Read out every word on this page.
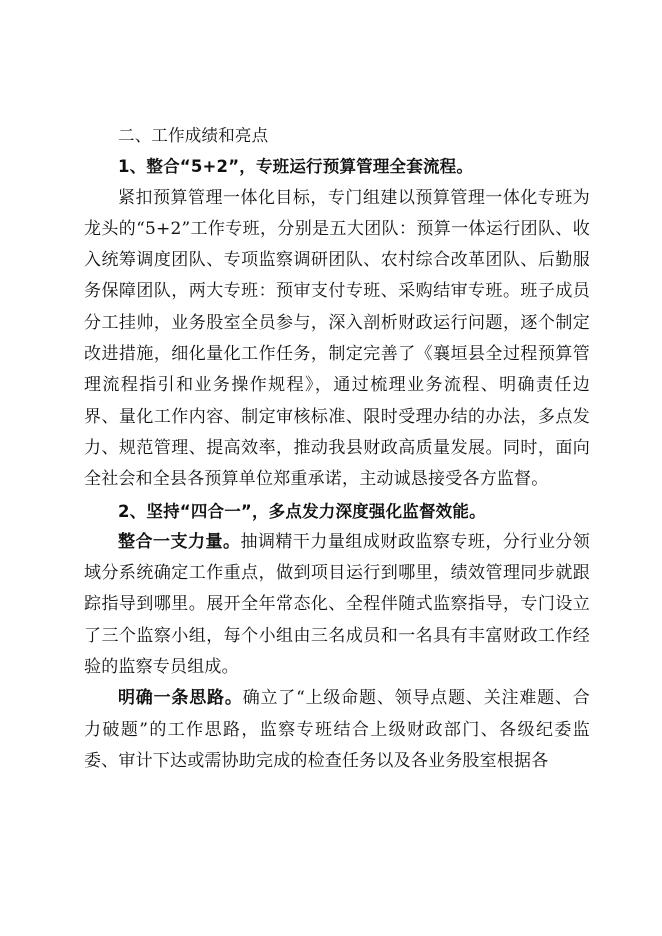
二、工作成绩和亮点

1、整合“5+2”，专班运行预算管理全套流程。

紧扣预算管理一体化目标，专门组建以预算管理一体化专班为龙头的“5+2”工作专班，分别是五大团队：预算一体运行团队、收入统筹调度团队、专项监察调研团队、农村综合改革团队、后勤服务保障团队，两大专班：预审支付专班、采购结审专班。班子成员分工挂帅，业务股室全员参与，深入剖析财政运行问题，逐个制定改进措施，细化量化工作任务，制定完善了《襄垣县全过程预算管理流程指引和业务操作规程》，通过梳理业务流程、明确责任边界、量化工作内容、制定审核标准、限时受理办结的办法，多点发力、规范管理、提高效率，推动我县财政高质量发展。同时，面向全社会和全县各预算单位郑重承诺，主动诚恳接受各方监督。

2、坚持“四合一”，多点发力深度强化监督效能。

整合一支力量。抽调精干力量组成财政监察专班，分行业分领域分系统确定工作重点，做到项目运行到哪里，绩效管理同步就跟踪指导到哪里。展开全年常态化、全程伴随式监察指导，专门设立了三个监察小组，每个小组由三名成员和一名具有丰富财政工作经验的监察专员组成。

明确一条思路。确立了“上级命题、领导点题、关注难题、合力破题”的工作思路，监察专班结合上级财政部门、各级纪委监委、审计下达或需协助完成的检查任务以及各业务股室根据各
